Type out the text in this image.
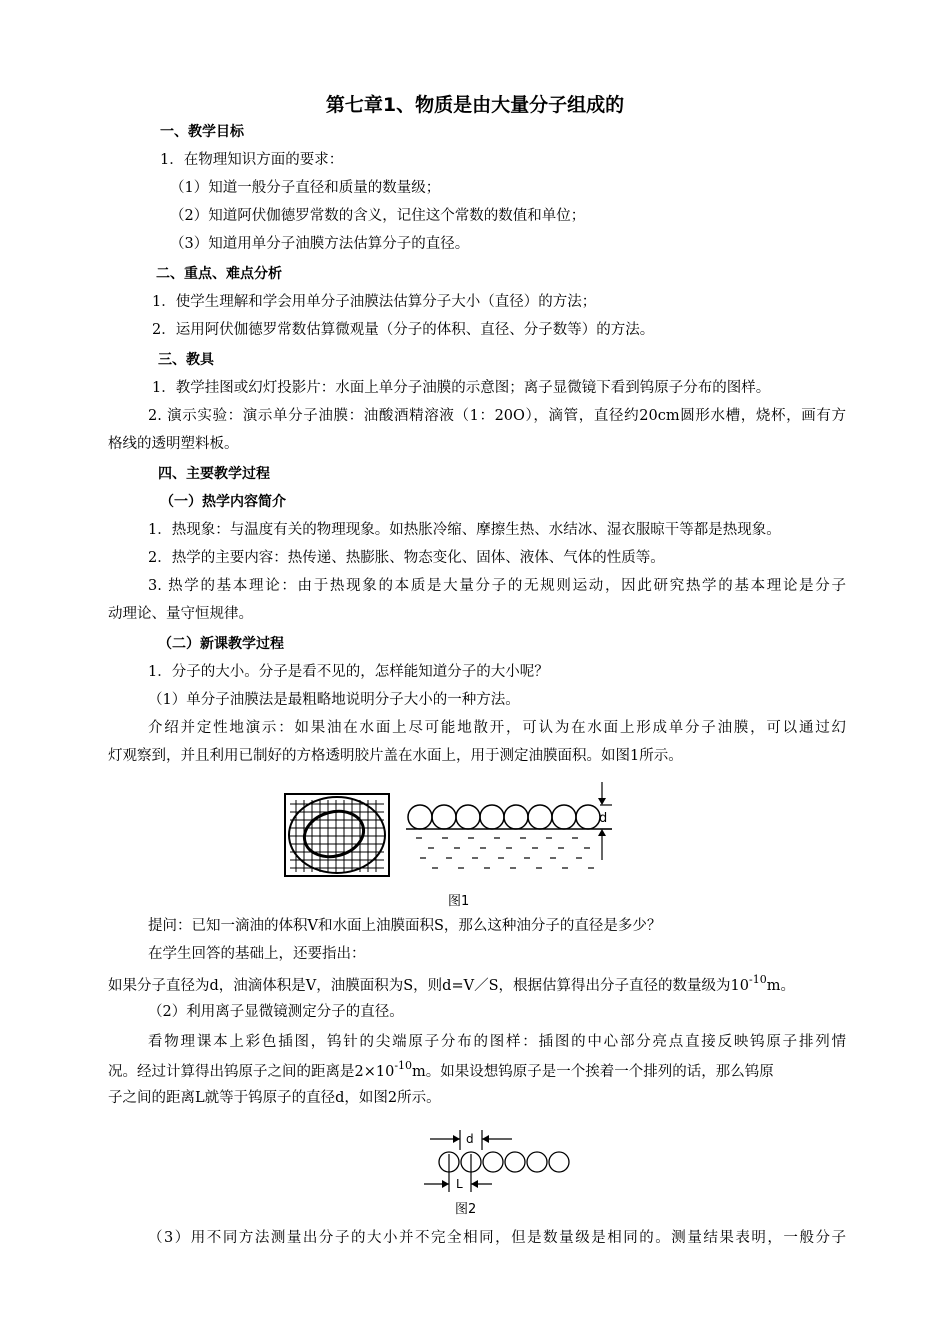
第七章1、物质是由大量分子组成的
一、教学目标
1．在物理知识方面的要求：
（1）知道一般分子直径和质量的数量级；
（2）知道阿伏伽德罗常数的含义，记住这个常数的数值和单位；
（3）知道用单分子油膜方法估算分子的直径。
二、重点、难点分析
1．使学生理解和学会用单分子油膜法估算分子大小（直径）的方法；
2．运用阿伏伽德罗常数估算微观量（分子的体积、直径、分子数等）的方法。
三、教具
1．教学挂图或幻灯投影片：水面上单分子油膜的示意图；离子显微镜下看到钨原子分布的图样。
2. 演示实验：演示单分子油膜：油酸酒精溶液（1：20O），滴管，直径约20cm圆形水槽，烧杯，画有方
格线的透明塑料板。
四、主要教学过程
（一）热学内容简介
1．热现象：与温度有关的物理现象。如热胀冷缩、摩擦生热、水结冰、湿衣服晾干等都是热现象。
2．热学的主要内容：热传递、热膨胀、物态变化、固体、液体、气体的性质等。
3. 热学的基本理论：由于热现象的本质是大量分子的无规则运动，因此研究热学的基本理论是分子
动理论、量守恒规律。
（二）新课教学过程
1．分子的大小。分子是看不见的，怎样能知道分子的大小呢？
（1）单分子油膜法是最粗略地说明分子大小的一种方法。
介绍并定性地演示：如果油在水面上尽可能地散开，可认为在水面上形成单分子油膜，可以通过幻
灯观察到，并且利用已制好的方格透明胶片盖在水面上，用于测定油膜面积。如图1所示。
d
图1
提问：已知一滴油的体积V和水面上油膜面积S，那么这种油分子的直径是多少？
在学生回答的基础上，还要指出：
如果分子直径为d，油滴体积是V，油膜面积为S，则d=V／S，根据估算得出分子直径的数量级为$10^{-10}m$。
（2）利用离子显微镜测定分子的直径。
看物理课本上彩色插图，钨针的尖端原子分布的图样：插图的中心部分亮点直接反映钨原子排列情
况。经过计算得出钨原子之间的距离是$2\times 10^{-10}m$。如果设想钨原子是一个挨着一个排列的话，那么钨原
子之间的距离L就等于钨原子的直径d，如图2所示。
d
L
图2
（3）用不同方法测量出分子的大小并不完全相同，但是数量级是相同的。测量结果表明，一般分子
